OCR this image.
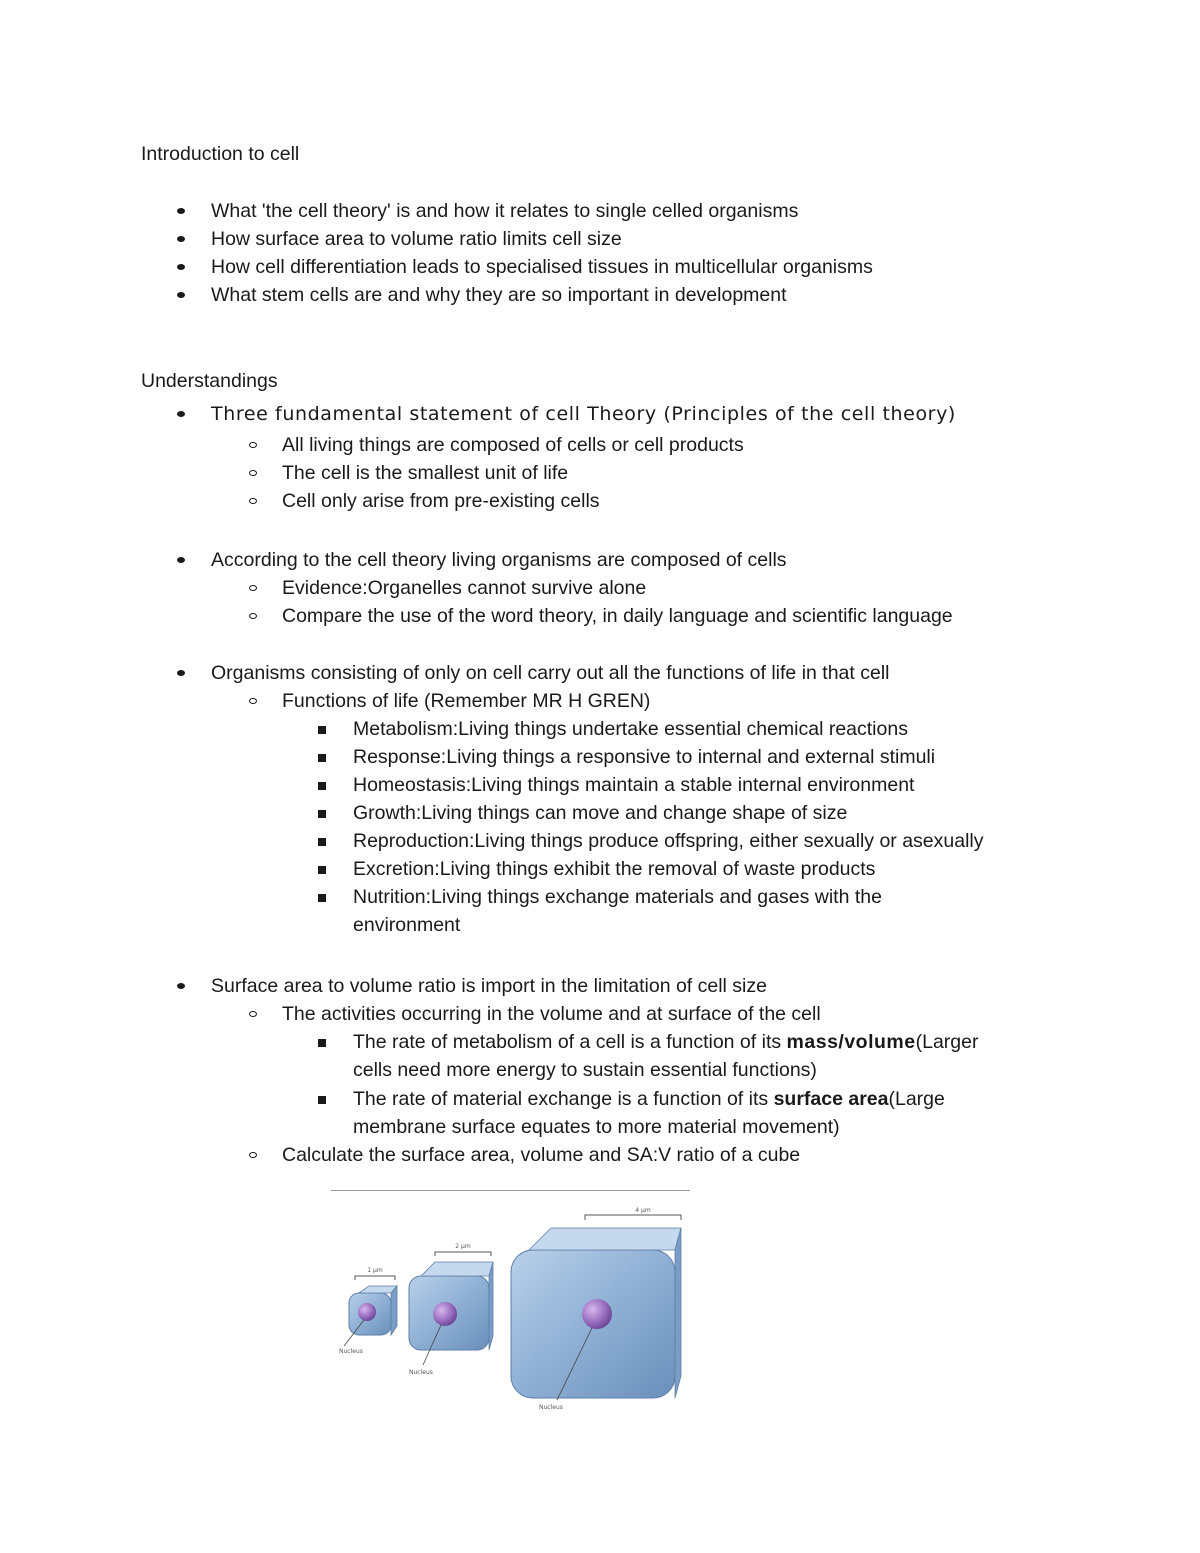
Introduction to cell
What 'the cell theory' is and how it relates to single celled organisms
How surface area to volume ratio limits cell size
How cell differentiation leads to specialised tissues in multicellular organisms
What stem cells are and why they are so important in development
Understandings
Three fundamental statement of cell Theory (Principles of the cell theory)
All living things are composed of cells or cell products
The cell is the smallest unit of life
Cell only arise from pre-existing cells
According to the cell theory living organisms are composed of cells
Evidence:Organelles cannot survive alone
Compare the use of the word theory, in daily language and scientific language
Organisms consisting of only on cell carry out all the functions of life in that cell
Functions of life (Remember MR H GREN)
Metabolism:Living things undertake essential chemical reactions
Response:Living things a responsive to internal and external stimuli
Homeostasis:Living things maintain a stable internal environment
Growth:Living things can move and change shape of size
Reproduction:Living things produce offspring, either sexually or asexually
Excretion:Living things exhibit the removal of waste products
Nutrition:Living things exchange materials and gases with the
environment
Surface area to volume ratio is import in the limitation of cell size
The activities occurring in the volume and at surface of the cell
The rate of metabolism of a cell is a function of its mass/volume(Larger
cells need more energy to sustain essential functions)
The rate of material exchange is a function of its surface area(Large
membrane surface equates to more material movement)
Calculate the surface area, volume and SA:V ratio of a cube
1 μm
Nucleus
2 μm
Nucleus
4 μm
Nucleus
